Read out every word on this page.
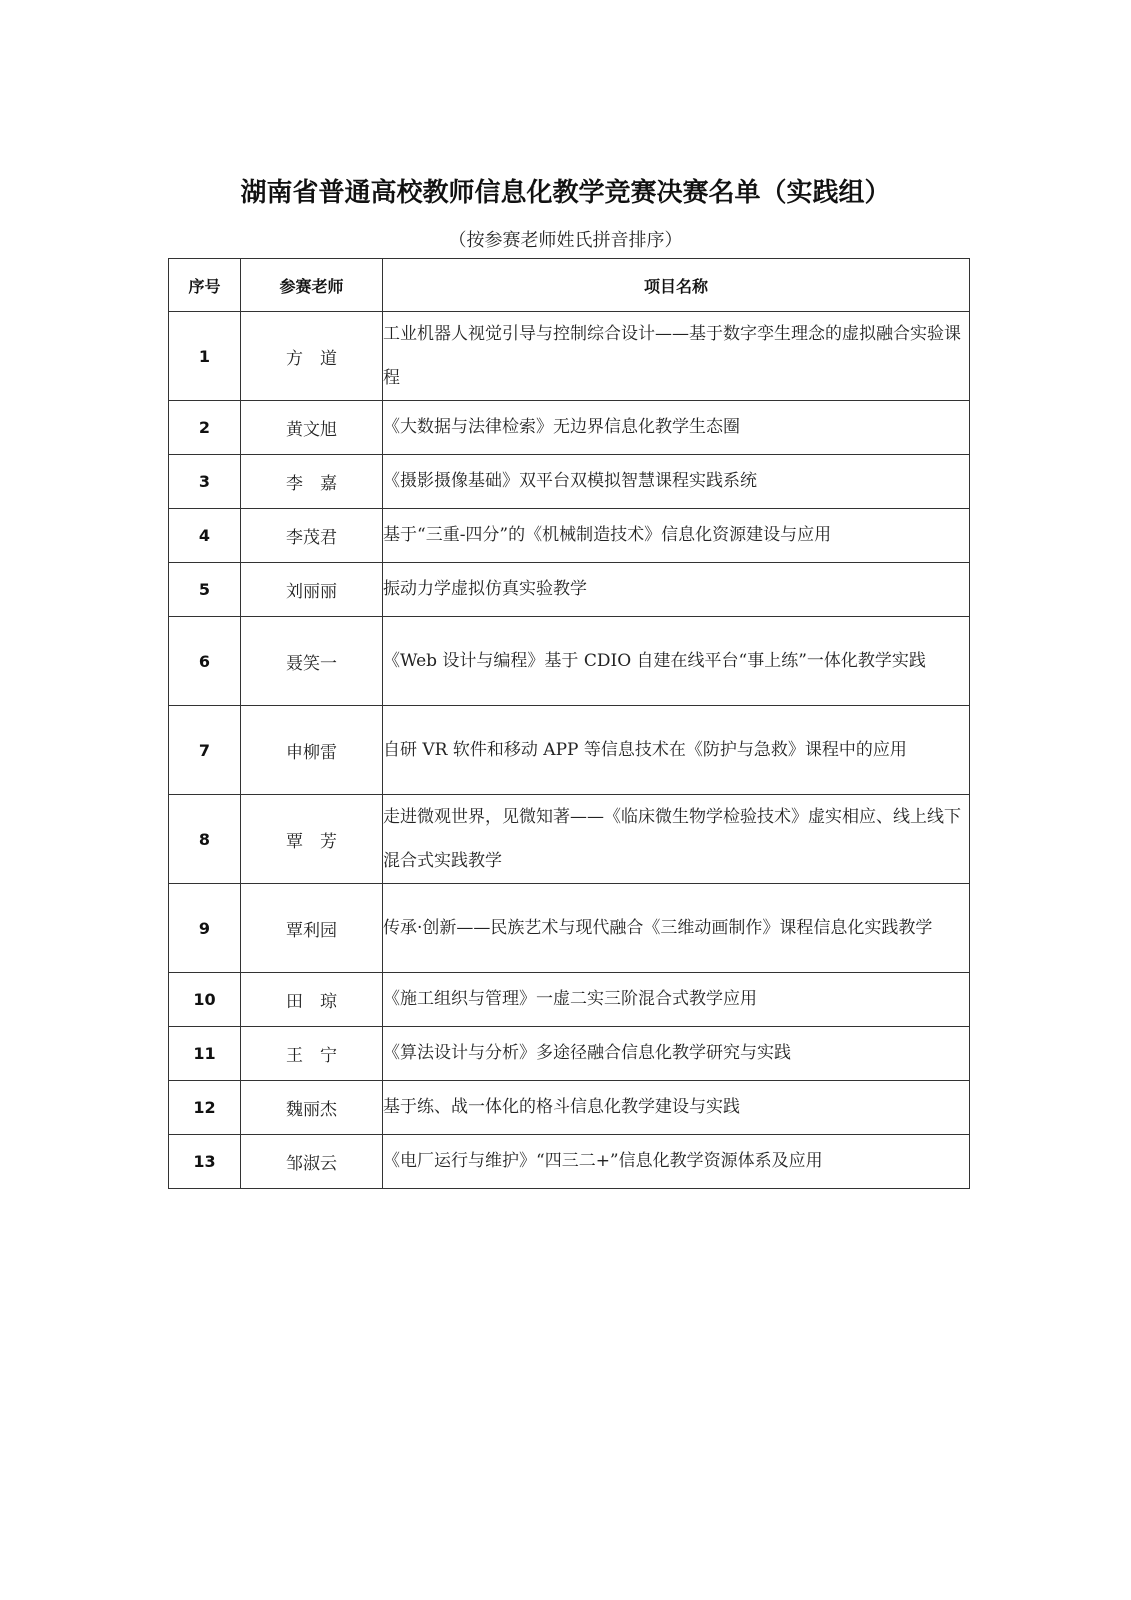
湖南省普通高校教师信息化教学竞赛决赛名单（实践组）

（按参赛老师姓氏拼音排序）

序号	参赛老师	项目名称
1	方　道	工业机器人视觉引导与控制综合设计——基于数字孪生理念的虚拟融合实验课程
2	黄文旭	《大数据与法律检索》无边界信息化教学生态圈
3	李　嘉	《摄影摄像基础》双平台双模拟智慧课程实践系统
4	李茂君	基于“三重-四分”的《机械制造技术》信息化资源建设与应用
5	刘丽丽	振动力学虚拟仿真实验教学
6	聂笑一	《Web 设计与编程》基于 CDIO 自建在线平台“事上练”一体化教学实践
7	申柳雷	自研 VR 软件和移动 APP 等信息技术在《防护与急救》课程中的应用
8	覃　芳	走进微观世界，见微知著——《临床微生物学检验技术》虚实相应、线上线下混合式实践教学
9	覃利园	传承·创新——民族艺术与现代融合《三维动画制作》课程信息化实践教学
10	田　琼	《施工组织与管理》一虚二实三阶混合式教学应用
11	王　宁	《算法设计与分析》多途径融合信息化教学研究与实践
12	魏丽杰	基于练、战一体化的格斗信息化教学建设与实践
13	邹淑云	《电厂运行与维护》“四三二+”信息化教学资源体系及应用
